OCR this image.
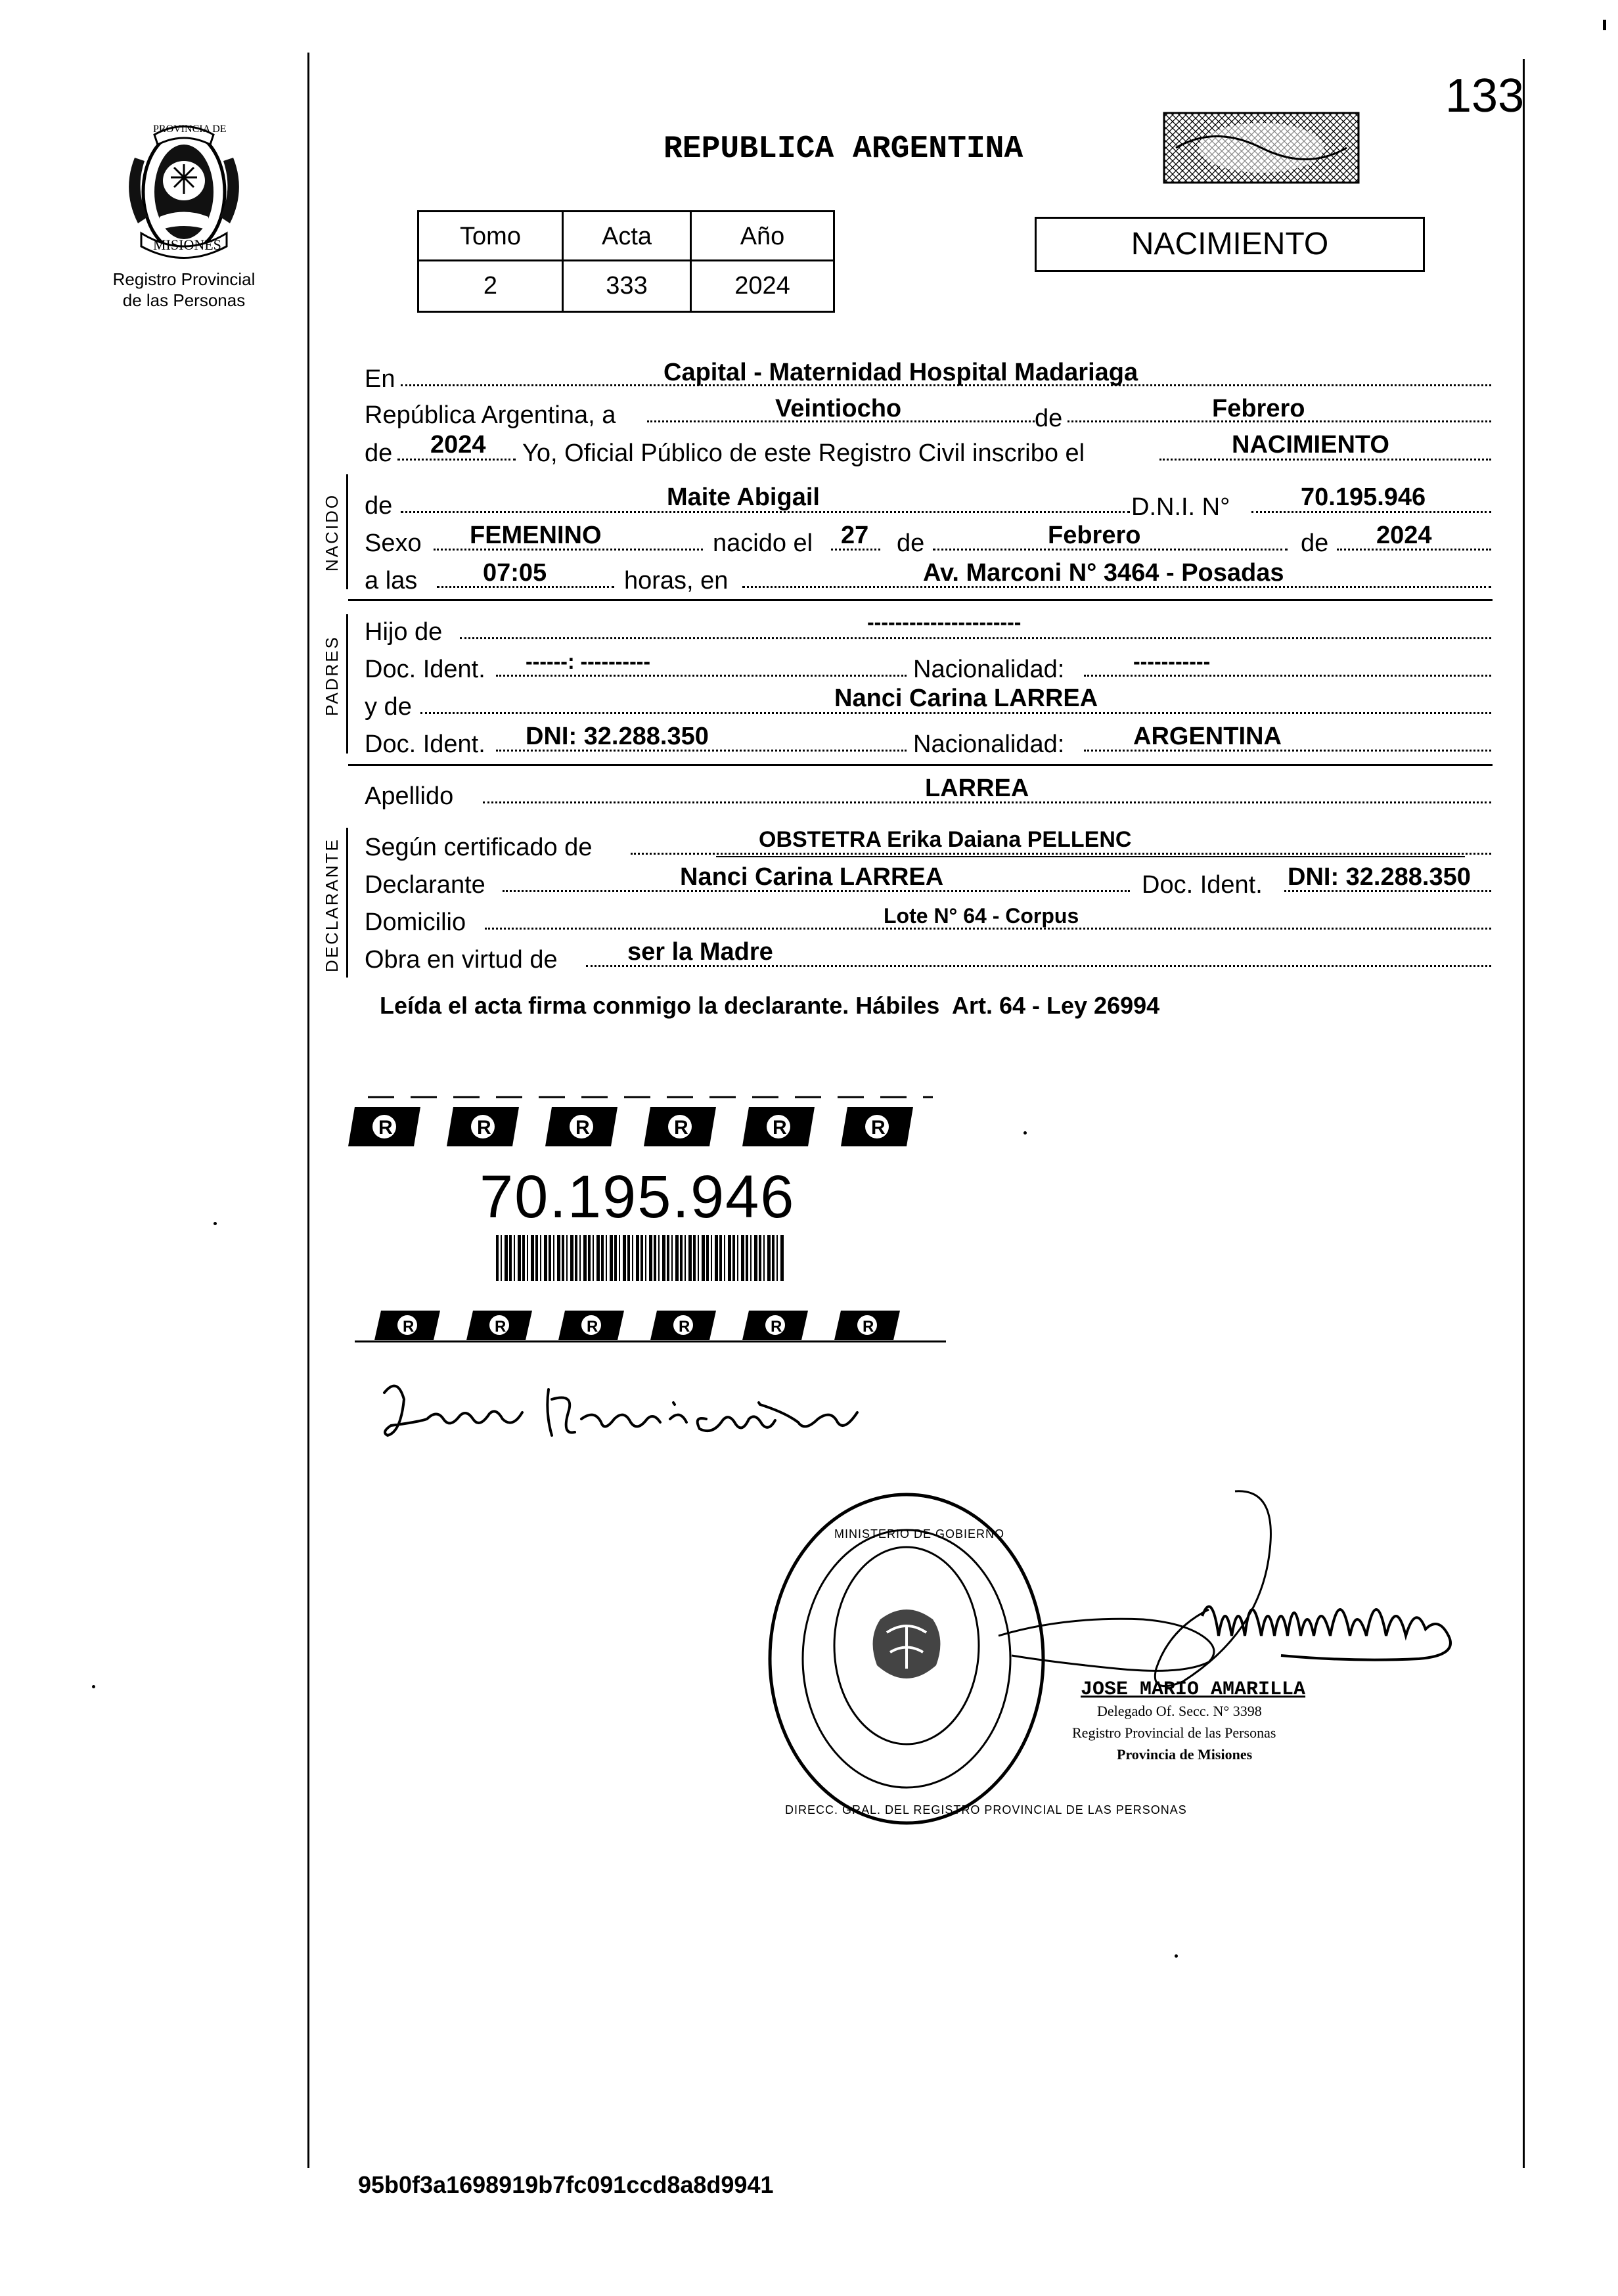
133
PROVINCIA DE
MISIONES
Registro Provincial
de las Personas
REPUBLICA ARGENTINA
Tomo	Acta	Año
2	333	2024
NACIMIENTO
En	Capital - Maternidad Hospital Madariaga
República Argentina, a	Veintiocho	de	Febrero
de 2024 Yo, Oficial Público de este Registro Civil inscribo el	NACIMIENTO
NACIDO de	Maite Abigail	D.N.I. N°	70.195.946
Sexo FEMENINO	nacido el 27 de	Febrero	de 2024
a las	07:05	horas, en	Av. Marconi N° 3464 - Posadas
PADRES
Hijo de	----------------------
Doc. Ident. ------: ----------	Nacionalidad:	-----------
y de	Nanci Carina LARREA
Doc. Ident. DNI: 32.288.350	Nacionalidad:	ARGENTINA
Apellido	LARREA
DECLARANTE Según certificado de	OBSTETRA Erika Daiana PELLENC
Declarante	Nanci Carina LARREA	Doc. Ident. DNI: 32.288.350
Domicilio	Lote N° 64 - Corpus
Obra en virtud de	ser la Madre
Leída el acta firma conmigo la declarante. Hábiles  Art. 64 - Ley 26994
R	R	R	R	R	R
70.195.946
R	R	R	R	R	R
DIRECC. GRAL. DEL REGISTRO PROVINCIAL DE LAS PERSONAS
MINISTERIO DE GOBIERNO
JOSE MARIO AMARILLA
Delegado Of. Secc. N° 3398
Registro Provincial de las Personas
Provincia de Misiones
95b0f3a1698919b7fc091ccd8a8d9941
